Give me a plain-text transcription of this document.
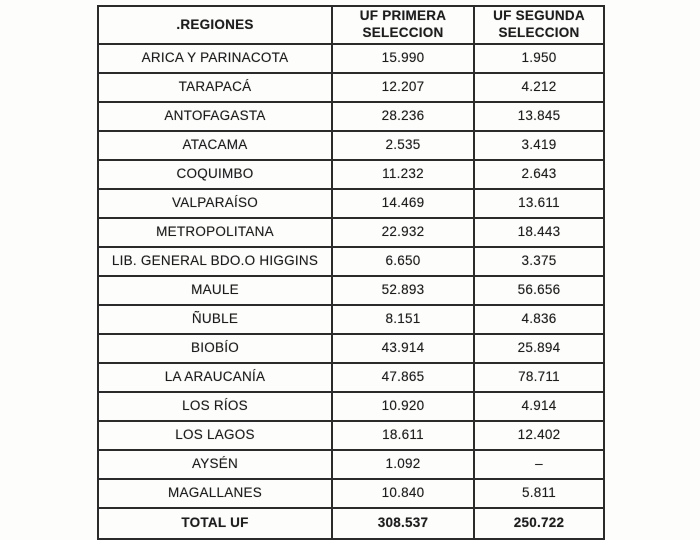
.REGIONES	UF PRIMERA SELECCION	UF SEGUNDA SELECCION
ARICA Y PARINACOTA	15.990	1.950
TARAPACÁ	12.207	4.212
ANTOFAGASTA	28.236	13.845
ATACAMA	2.535	3.419
COQUIMBO	11.232	2.643
VALPARAÍSO	14.469	13.611
METROPOLITANA	22.932	18.443
LIB. GENERAL BDO.O HIGGINS	6.650	3.375
MAULE	52.893	56.656
ÑUBLE	8.151	4.836
BIOBÍO	43.914	25.894
LA ARAUCANÍA	47.865	78.711
LOS RÍOS	10.920	4.914
LOS LAGOS	18.611	12.402
AYSÉN	1.092	–
MAGALLANES	10.840	5.811
TOTAL UF	308.537	250.722
